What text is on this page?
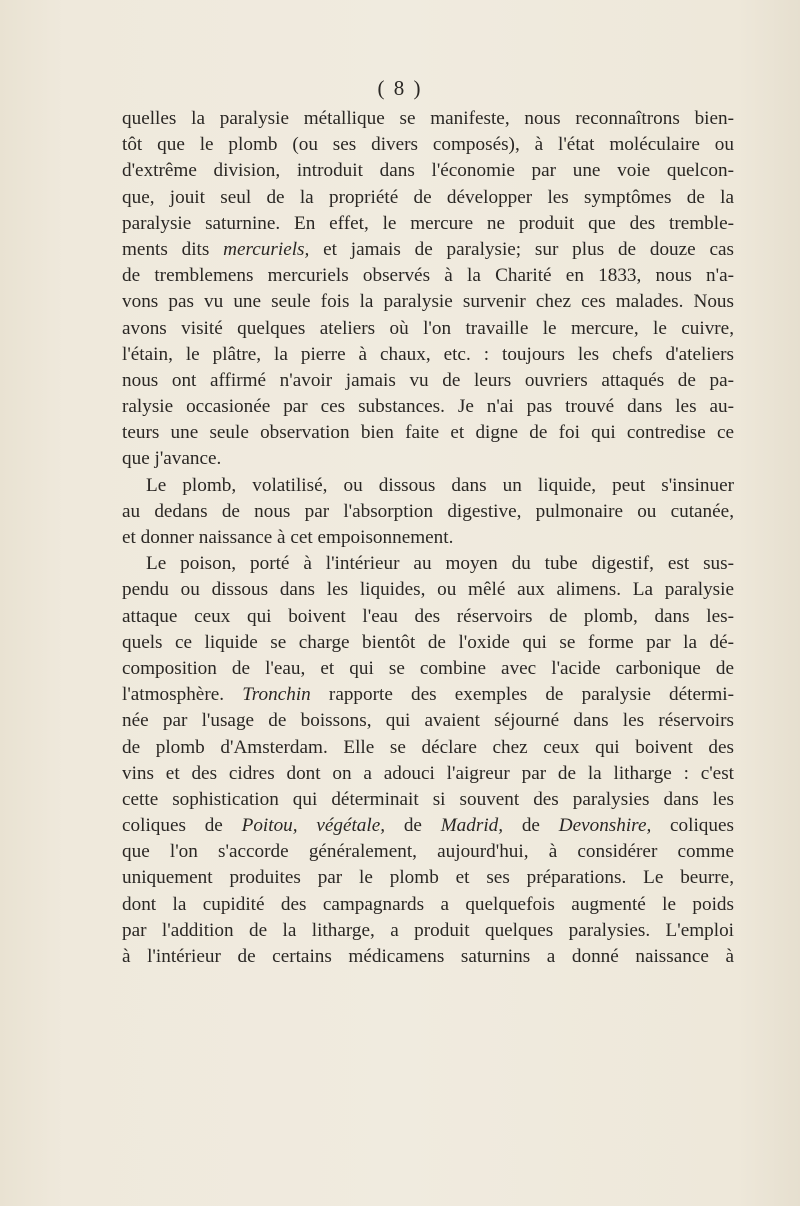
( 8 )
quelles la paralysie métallique se manifeste, nous reconnaîtrons bien-
tôt que le plomb (ou ses divers composés), à l'état moléculaire ou
d'extrême division, introduit dans l'économie par une voie quelcon-
que, jouit seul de la propriété de développer les symptômes de la
paralysie saturnine. En effet, le mercure ne produit que des tremble-
ments dits mercuriels, et jamais de paralysie; sur plus de douze cas
de tremblemens mercuriels observés à la Charité en 1833, nous n'a-
vons pas vu une seule fois la paralysie survenir chez ces malades. Nous
avons visité quelques ateliers où l'on travaille le mercure, le cuivre,
l'étain, le plâtre, la pierre à chaux, etc. : toujours les chefs d'ateliers
nous ont affirmé n'avoir jamais vu de leurs ouvriers attaqués de pa-
ralysie occasionée par ces substances. Je n'ai pas trouvé dans les au-
teurs une seule observation bien faite et digne de foi qui contredise ce
que j'avance.
Le plomb, volatilisé, ou dissous dans un liquide, peut s'insinuer
au dedans de nous par l'absorption digestive, pulmonaire ou cutanée,
et donner naissance à cet empoisonnement.
Le poison, porté à l'intérieur au moyen du tube digestif, est sus-
pendu ou dissous dans les liquides, ou mêlé aux alimens. La paralysie
attaque ceux qui boivent l'eau des réservoirs de plomb, dans les-
quels ce liquide se charge bientôt de l'oxide qui se forme par la dé-
composition de l'eau, et qui se combine avec l'acide carbonique de
l'atmosphère. Tronchin rapporte des exemples de paralysie détermi-
née par l'usage de boissons, qui avaient séjourné dans les réservoirs
de plomb d'Amsterdam. Elle se déclare chez ceux qui boivent des
vins et des cidres dont on a adouci l'aigreur par de la litharge : c'est
cette sophistication qui déterminait si souvent des paralysies dans les
coliques de Poitou, végétale, de Madrid, de Devonshire, coliques
que l'on s'accorde généralement, aujourd'hui, à considérer comme
uniquement produites par le plomb et ses préparations. Le beurre,
dont la cupidité des campagnards a quelquefois augmenté le poids
par l'addition de la litharge, a produit quelques paralysies. L'emploi
à l'intérieur de certains médicamens saturnins a donné naissance à
